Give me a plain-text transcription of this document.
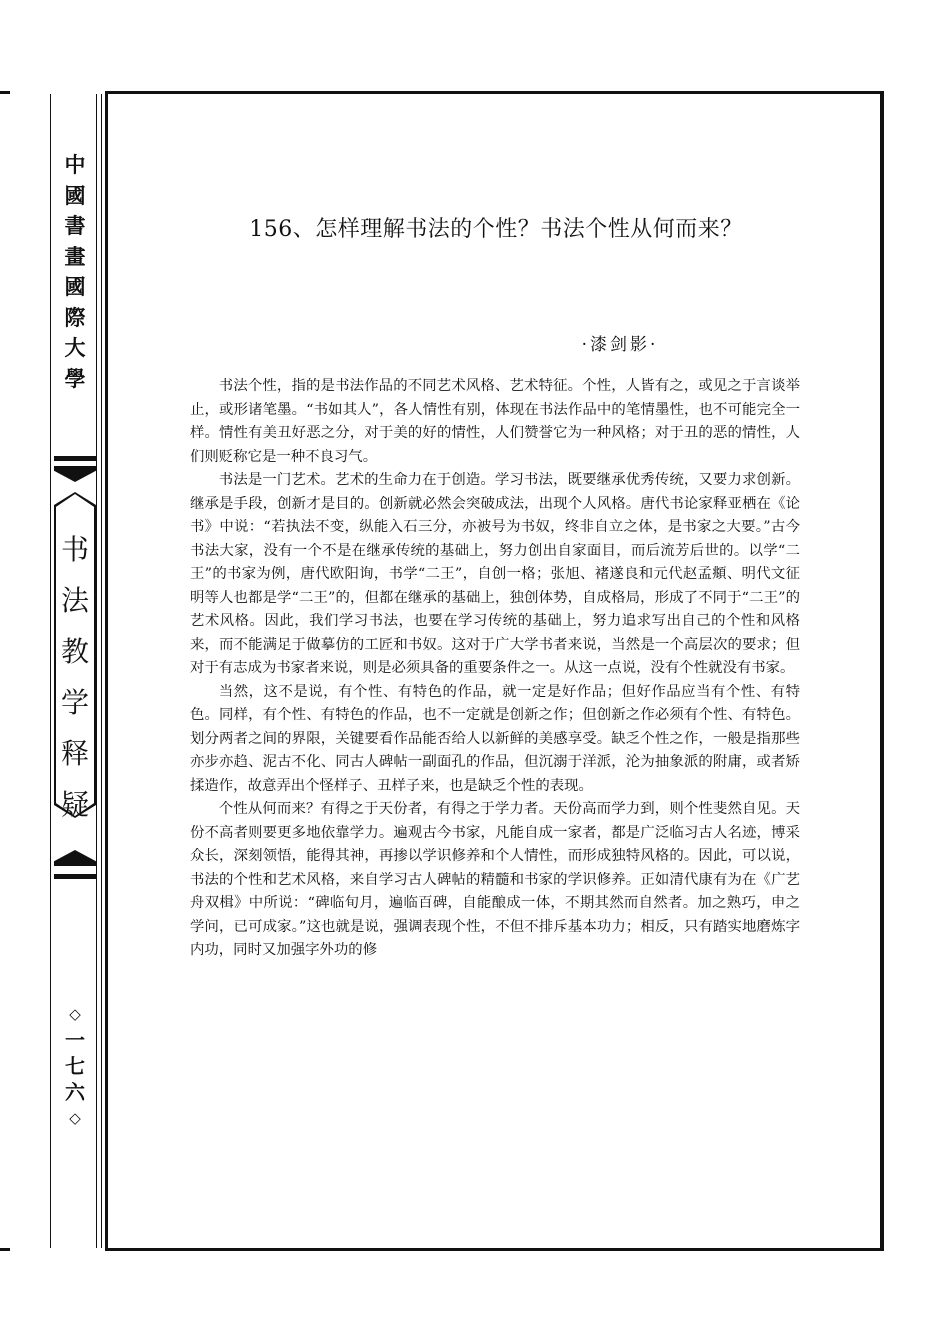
中
國
書
畫
國
際
大
學
书
法
教
学
释
疑
◇
一
七
六
◇
156、怎样理解书法的个性？书法个性从何而来？
·漆剑影·

书法个性，指的是书法作品的不同艺术风格、艺术特征。个性，人皆有之，或见之于言谈举止，或形诸笔墨。“书如其人”，各人情性有别，体现在书法作品中的笔情墨性，也不可能完全一样。情性有美丑好恶之分，对于美的好的情性，人们赞誉它为一种风格；对于丑的恶的情性，人们则贬称它是一种不良习气。

书法是一门艺术。艺术的生命力在于创造。学习书法，既要继承优秀传统，又要力求创新。继承是手段，创新才是目的。创新就必然会突破成法，出现个人风格。唐代书论家释亚栖在《论书》中说：“若执法不变，纵能入石三分，亦被号为书奴，终非自立之体，是书家之大要。”古今书法大家，没有一个不是在继承传统的基础上，努力创出自家面目，而后流芳后世的。以学“二王”的书家为例，唐代欧阳询，书学“二王”，自创一格；张旭、褚遂良和元代赵孟頫、明代文征明等人也都是学“二王”的，但都在继承的基础上，独创体势，自成格局，形成了不同于“二王”的艺术风格。因此，我们学习书法，也要在学习传统的基础上，努力追求写出自己的个性和风格来，而不能满足于做摹仿的工匠和书奴。这对于广大学书者来说，当然是一个高层次的要求；但对于有志成为书家者来说，则是必须具备的重要条件之一。从这一点说，没有个性就没有书家。

当然，这不是说，有个性、有特色的作品，就一定是好作品；但好作品应当有个性、有特色。同样，有个性、有特色的作品，也不一定就是创新之作；但创新之作必须有个性、有特色。划分两者之间的界限，关键要看作品能否给人以新鲜的美感享受。缺乏个性之作，一般是指那些亦步亦趋、泥古不化、同古人碑帖一副面孔的作品，但沉溺于洋派，沦为抽象派的附庸，或者矫揉造作，故意弄出个怪样子、丑样子来，也是缺乏个性的表现。

个性从何而来？有得之于天份者，有得之于学力者。天份高而学力到，则个性斐然自见。天份不高者则要更多地依靠学力。遍观古今书家，凡能自成一家者，都是广泛临习古人名迹，博采众长，深刻领悟，能得其神，再掺以学识修养和个人情性，而形成独特风格的。因此，可以说，书法的个性和艺术风格，来自学习古人碑帖的精髓和书家的学识修养。正如清代康有为在《广艺舟双楫》中所说：“碑临旬月，遍临百碑，自能酿成一体，不期其然而自然者。加之熟巧，申之学问，已可成家。”这也就是说，强调表现个性，不但不排斥基本功力；相反，只有踏实地磨炼字内功，同时又加强字外功的修
